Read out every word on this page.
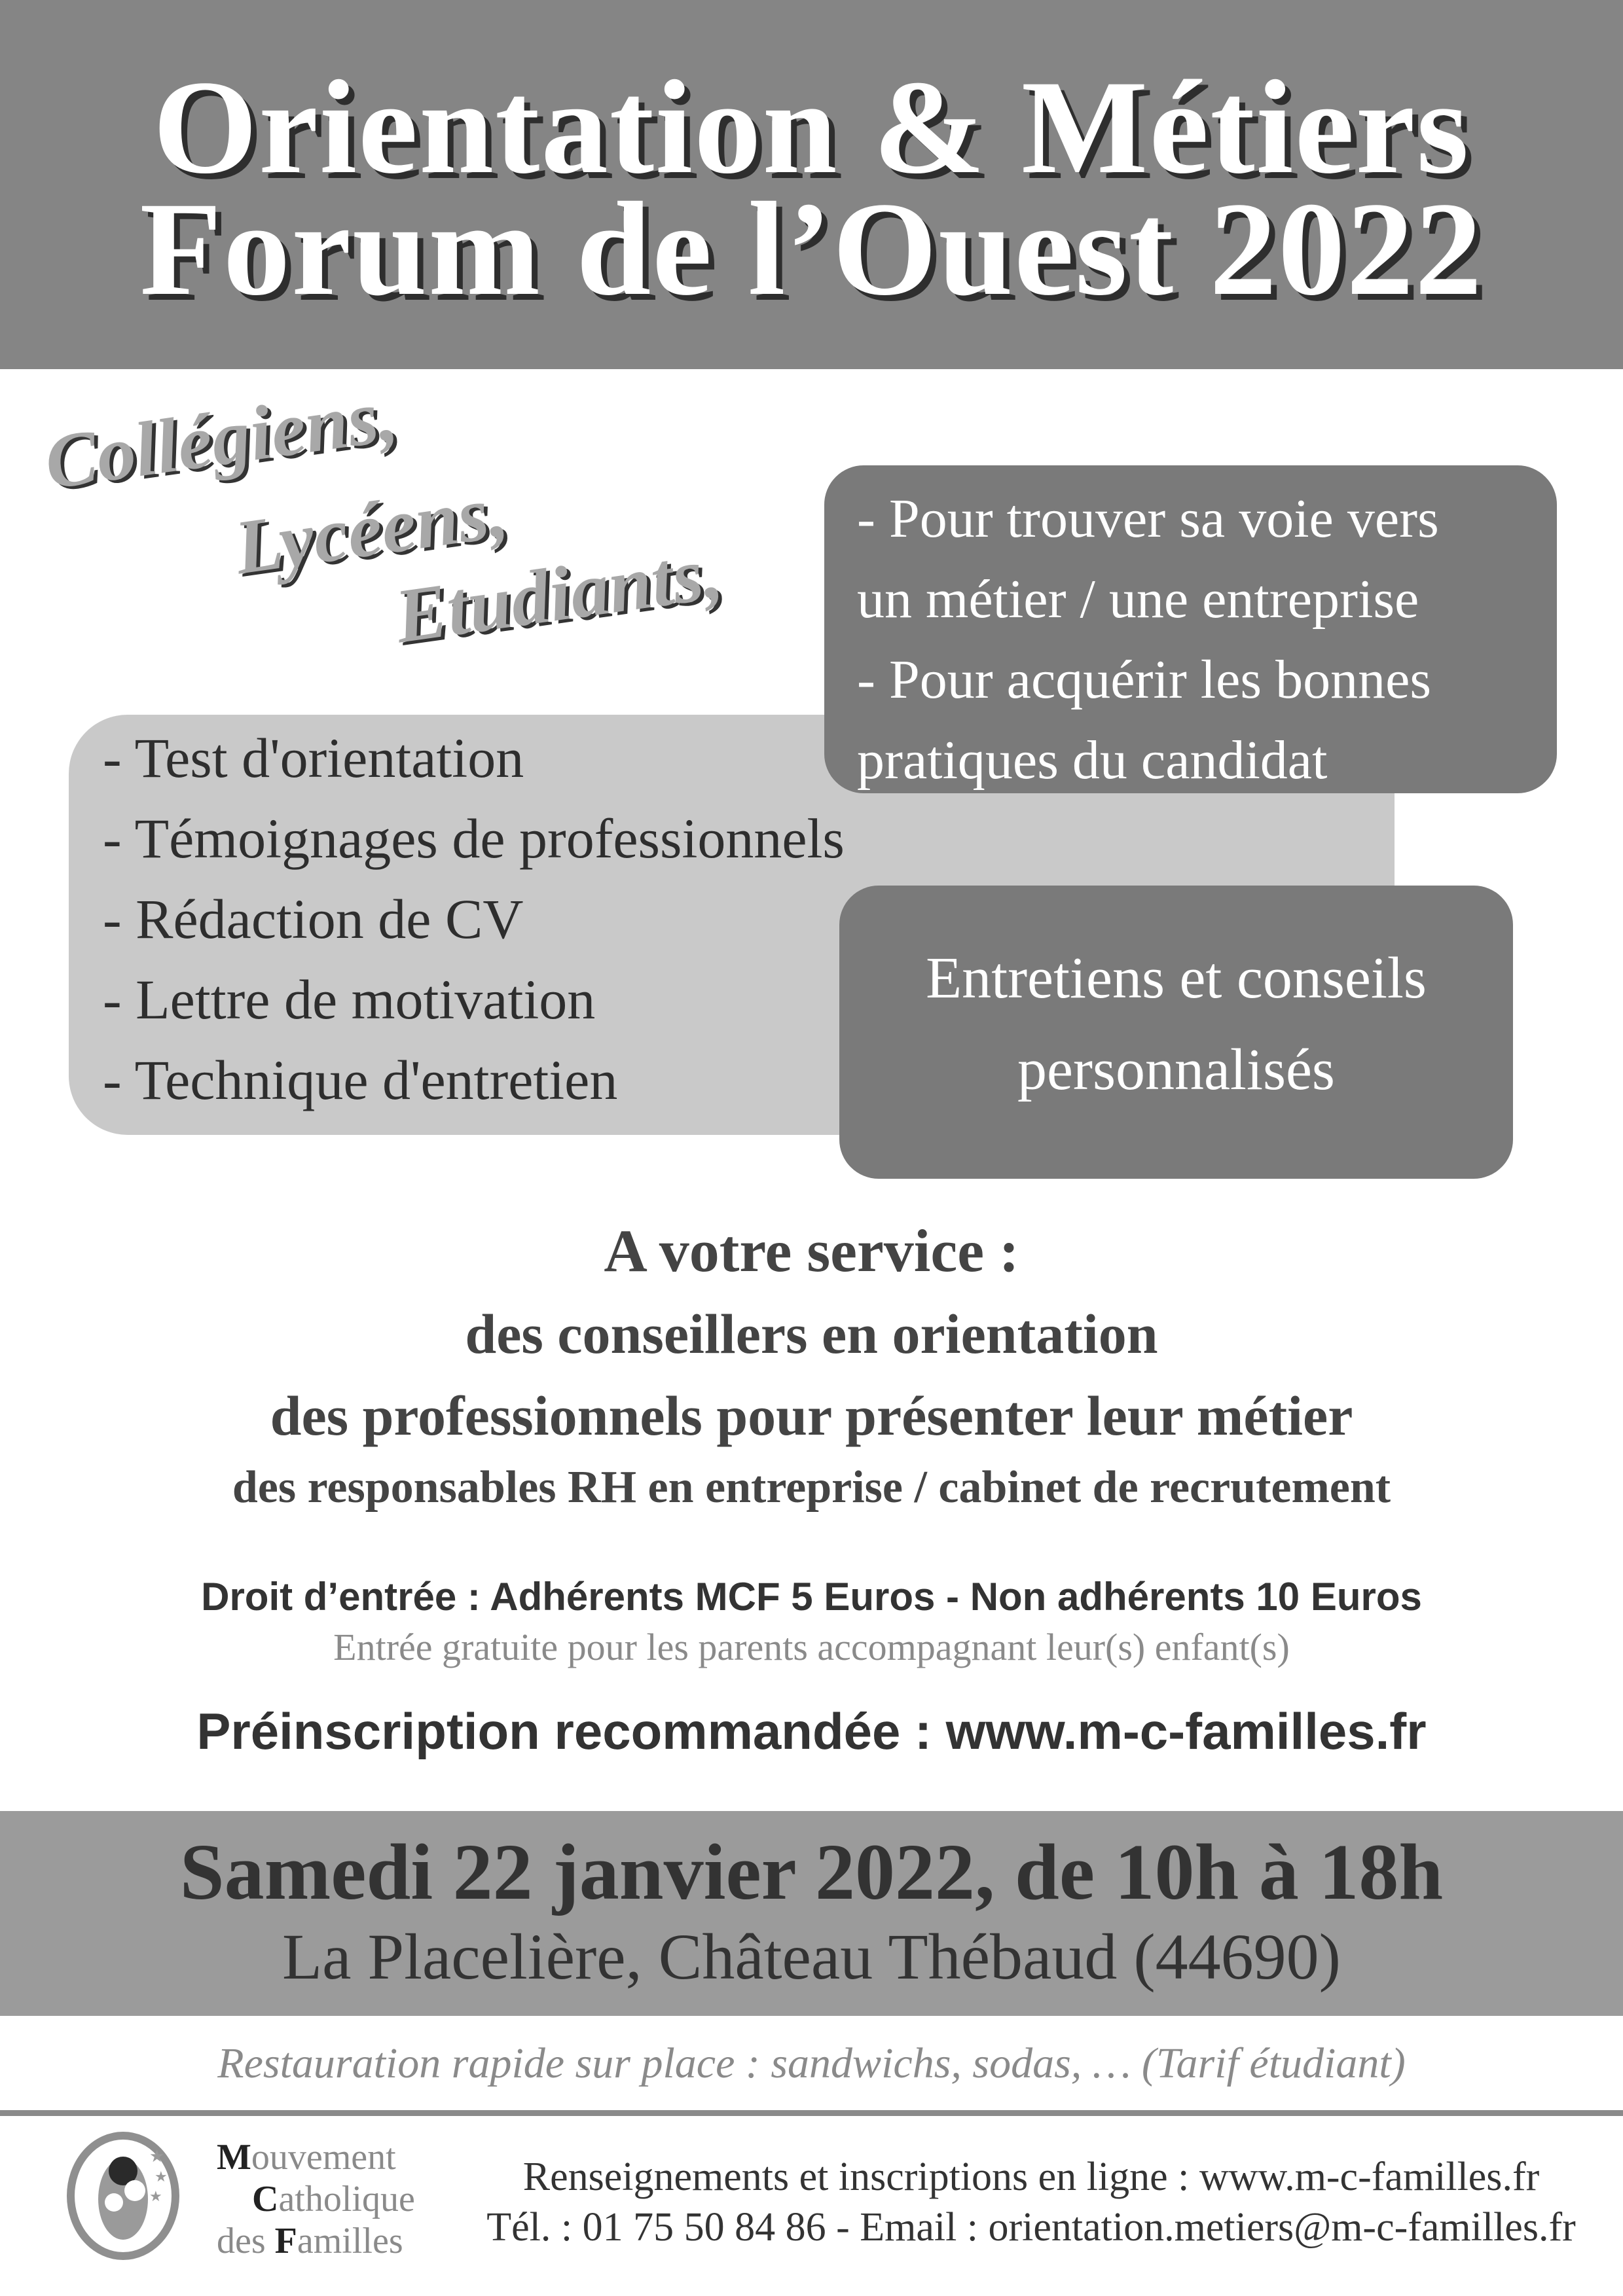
Orientation & Métiers
Forum de l’Ouest 2022
Collégiens,
Lycéens,
Etudiants,
- Test d'orientation
- Témoignages de professionnels
- Rédaction de CV
- Lettre de motivation
- Technique d'entretien
- Pour trouver sa voie vers
un métier / une entreprise
- Pour acquérir les bonnes
pratiques du candidat
Entretiens et conseils
personnalisés
A votre service :
des conseillers en orientation
des professionnels pour présenter leur métier
des responsables RH en entreprise / cabinet de recrutement
Droit d’entrée : Adhérents MCF 5 Euros - Non adhérents 10 Euros
Entrée gratuite pour les parents accompagnant leur(s) enfant(s)
Préinscription recommandée : www.m-c-familles.fr
Samedi 22 janvier 2022, de 10h à 18h
La Placelière, Château Thébaud (44690)
Restauration rapide sur place : sandwichs, sodas, … (Tarif étudiant)
★
★
★
Mouvement
Catholique
des Familles
Renseignements et inscriptions en ligne : www.m-c-familles.fr
Tél. : 01 75 50 84 86 - Email : orientation.metiers@m-c-familles.fr
